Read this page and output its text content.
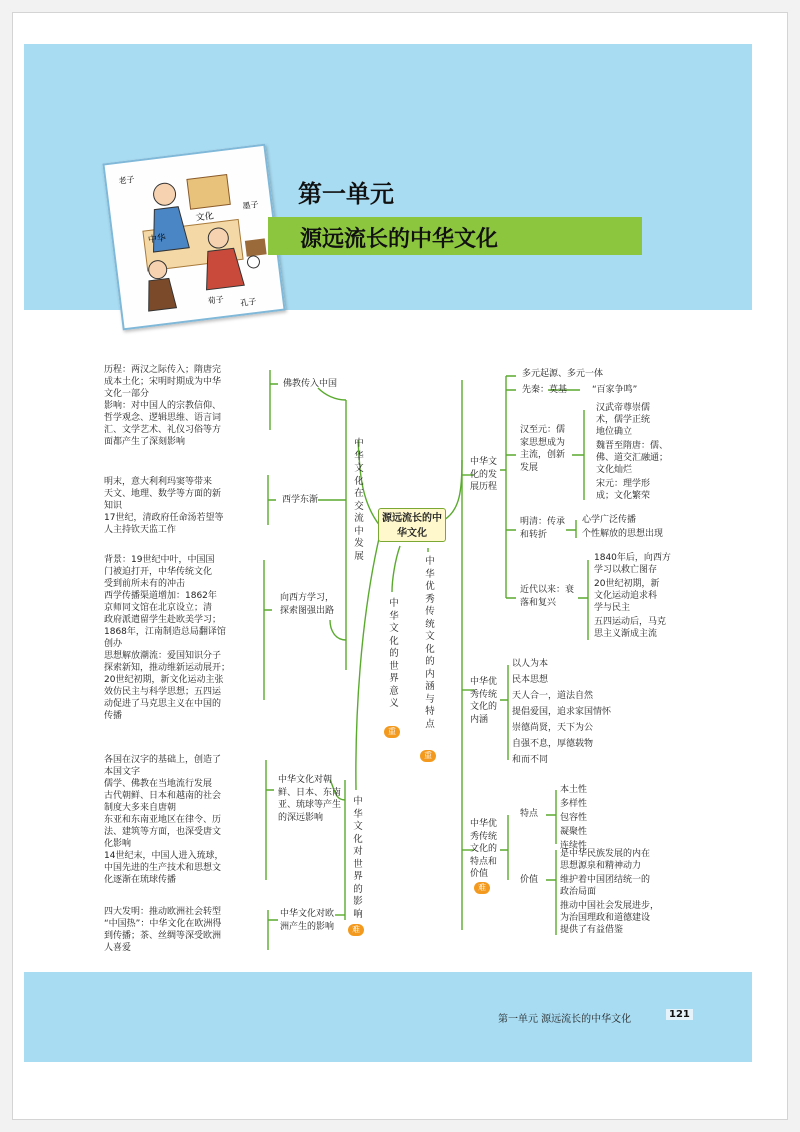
老子
墨子
荀子 孔子
文化
中华
第一单元
源远流长的中华文化
源远流长的中华文化
中华文化在交流中发展
中华文化对世界的影响
难
中华文化的世界意义
重
佛教传入中国
西学东渐
向西方学习，探索图强出路
中华文化对朝鲜、日本、东南亚、琉球等产生的深远影响
中华文化对欧洲产生的影响
历程：两汉之际传入；隋唐完
成本土化；宋明时期成为中华
文化一部分
影响：对中国人的宗教信仰、
哲学观念、逻辑思维、语言词
汇、文学艺术、礼仪习俗等方
面都产生了深刻影响
明末，意大利利玛窦等带来
天文、地理、数学等方面的新
知识
17世纪，清政府任命汤若望等
人主持钦天监工作
背景：19世纪中叶，中国国
门被迫打开，中华传统文化
受到前所未有的冲击
西学传播渠道增加：1862年
京师同文馆在北京设立；清
政府派遣留学生赴欧美学习；
1868年，江南制造总局翻译馆
创办
思想解放潮流：爱国知识分子
探索新知，推动维新运动展开；
20世纪初期，新文化运动主张
效仿民主与科学思想；五四运
动促进了马克思主义在中国的
传播
各国在汉字的基础上，创造了
本国文字
儒学、佛教在当地流行发展
古代朝鲜、日本和越南的社会
制度大多来自唐朝
东亚和东南亚地区在律令、历
法、建筑等方面，也深受唐文
化影响
14世纪末，中国人进入琉球，
中国先进的生产技术和思想文
化逐渐在琉球传播
四大发明：推动欧洲社会转型
“中国热”：中华文化在欧洲得
到传播；茶、丝绸等深受欧洲
人喜爱
中华优秀传统文化的内涵与特点
重
中华文化的发展历程
中华优秀传统文化的内涵
中华优秀传统文化的特点和价值
难
多元起源、多元一体
先秦：莫基	“百家争鸣”
汉至元：儒家思想成为主流，创新发展
汉武帝尊崇儒
术，儒学正统
地位确立
魏晋至隋唐：儒、
佛、道交汇融通；
文化灿烂
宋元：理学形
成；文化繁荣
明清：传承和转折
心学广泛传播
个性解放的思想出现
近代以来：衰落和复兴
1840年后，向西方
学习以救亡图存
20世纪初期，新
文化运动追求科
学与民主
五四运动后，马克
思主义渐成主流
以人为本
民本思想
天人合一，道法自然
提倡爱国，追求家国情怀
崇德尚贤，天下为公
自强不息，厚德载物
和而不同
特点
本土性
多样性
包容性
凝聚性
连续性
价值
是中华民族发展的内在
思想源泉和精神动力
维护着中国团结统一的
政治局面
推动中国社会发展进步，
为治国理政和道德建设
提供了有益借鉴
第一单元 源远流长的中华文化	121
